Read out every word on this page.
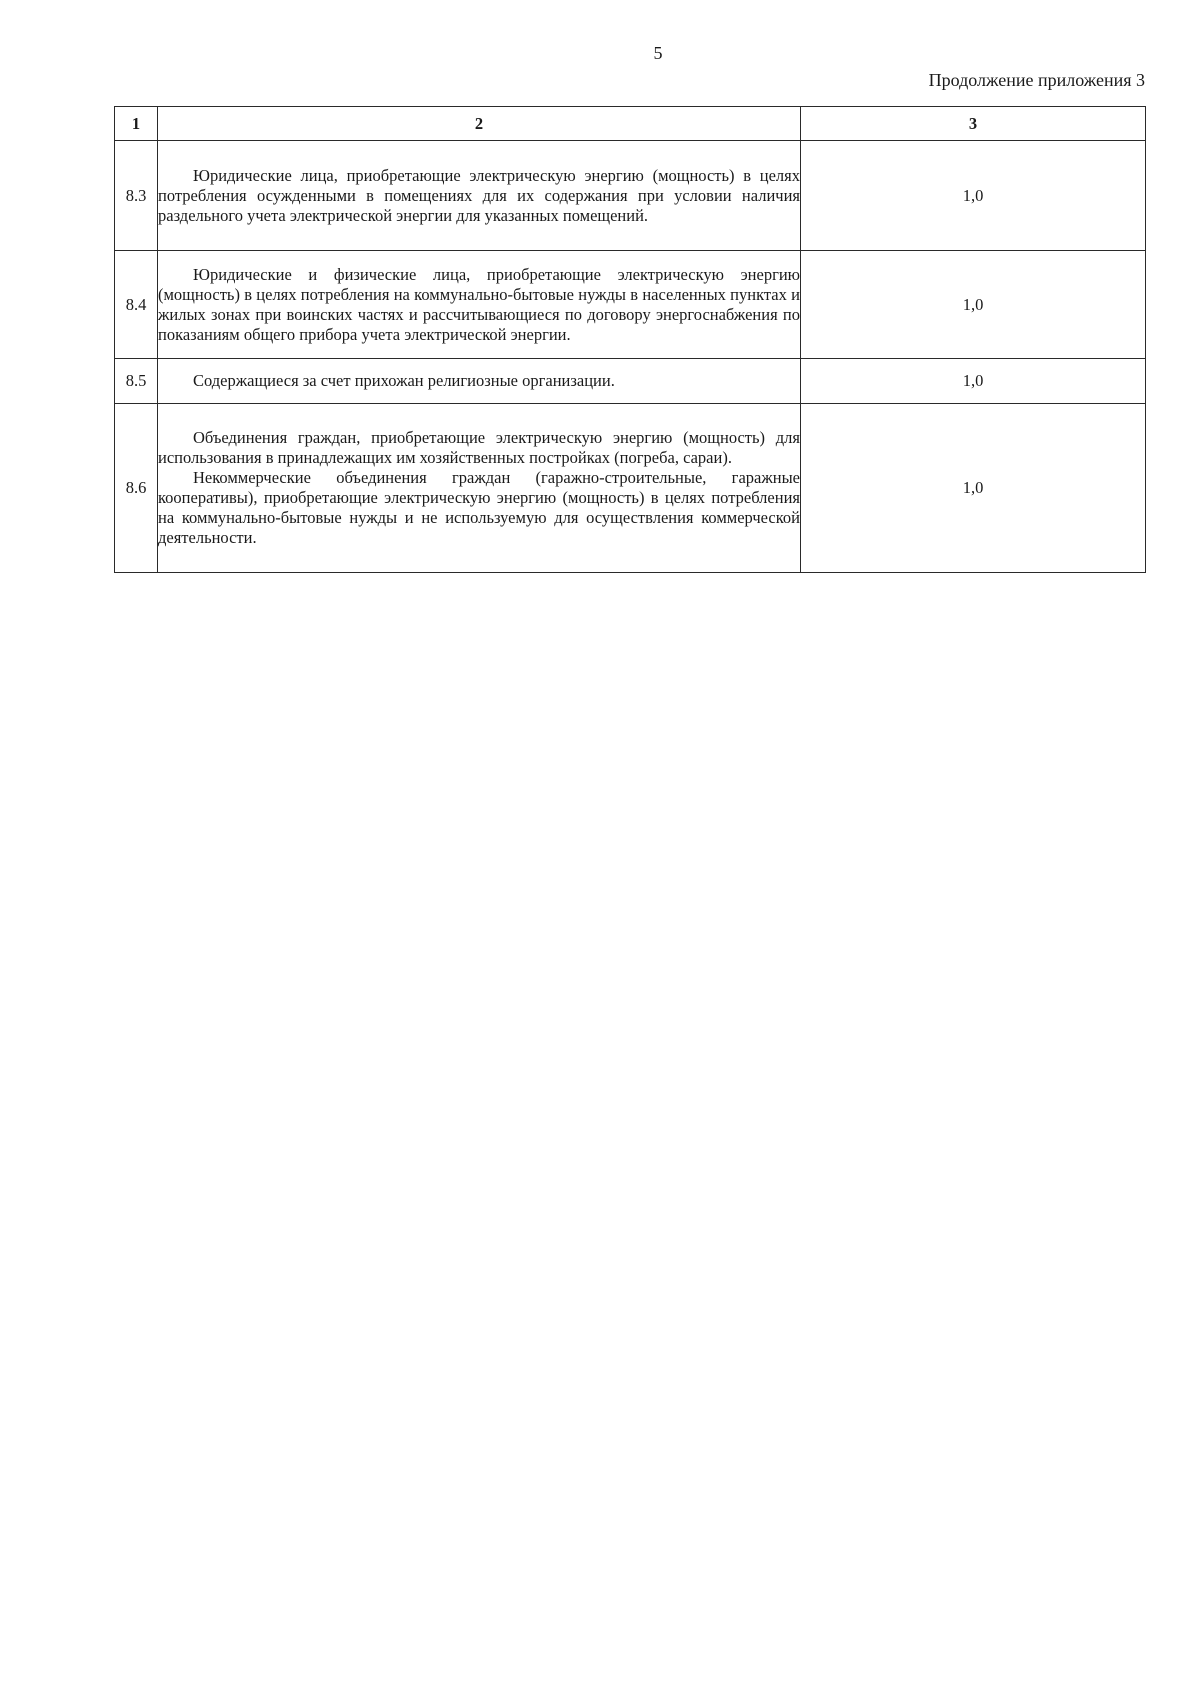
5
Продолжение приложения 3
1	2	3
8.3	Юридические лица, приобретающие электрическую энергию (мощность) в целях потребления осужденными в помещениях для их содержания при условии наличия раздельного учета электрической энергии для указанных помещений.	1,0
8.4	Юридические и физические лица, приобретающие электрическую энергию (мощность) в целях потребления на коммунально-бытовые нужды в населенных пунктах и жилых зонах при воинских частях и рассчитывающиеся по договору энергоснабжения по показаниям общего прибора учета электрической энергии.	1,0
8.5	Содержащиеся за счет прихожан религиозные организации.	1,0
8.6	Объединения граждан, приобретающие электрическую энергию (мощность) для использования в принадлежащих им хозяйственных постройках (погреба, сараи).

Некоммерческие объединения граждан (гаражно-строительные, гаражные кооперативы), приобретающие электрическую энергию (мощность) в целях потребления на коммунально-бытовые нужды и не используемую для осуществления коммерческой деятельности.	1,0
